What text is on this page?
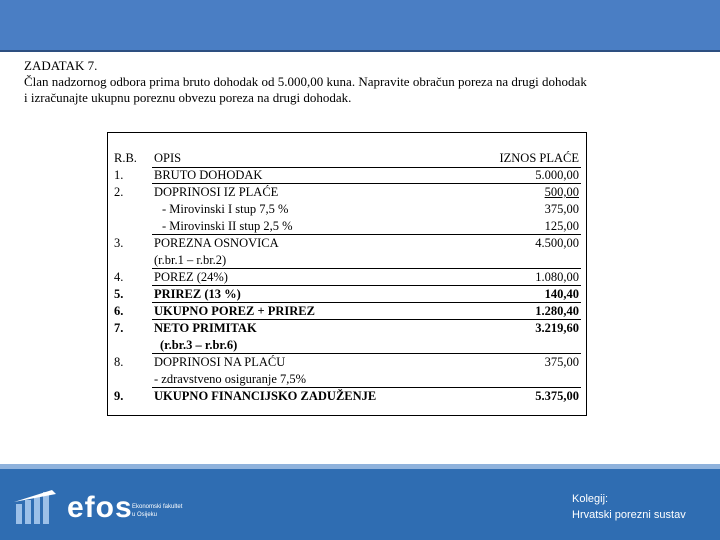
ZADATAK 7.
Član nadzornog odbora prima bruto dohodak od 5.000,00 kuna. Napravite obračun poreza na drugi dohodak
i izračunajte ukupnu poreznu obvezu poreza na drugi dohodak.
R.B. OPIS	IZNOS PLAĆE
1. BRUTO DOHODAK	5.000,00
2. DOPRINOSI IZ PLAĆE	500,00
- Mirovinski I stup 7,5 %	375,00
- Mirovinski II stup 2,5 %	125,00
3. POREZNA OSNOVICA	4.500,00
(r.br.1 – r.br.2)
4. POREZ (24%)	1.080,00
5. PRIREZ (13 %)	140,40
6. UKUPNO POREZ + PRIREZ	1.280,40
7. NETO PRIMITAK	3.219,60
(r.br.3 – r.br.6)
8. DOPRINOSI NA PLAĆU	375,00
- zdravstveno osiguranje 7,5%
9. UKUPNO FINANCIJSKO ZADUŽENJE	5.375,00
efos Ekonomski fakultet
u Osijeku
Kolegij:
Hrvatski porezni sustav
